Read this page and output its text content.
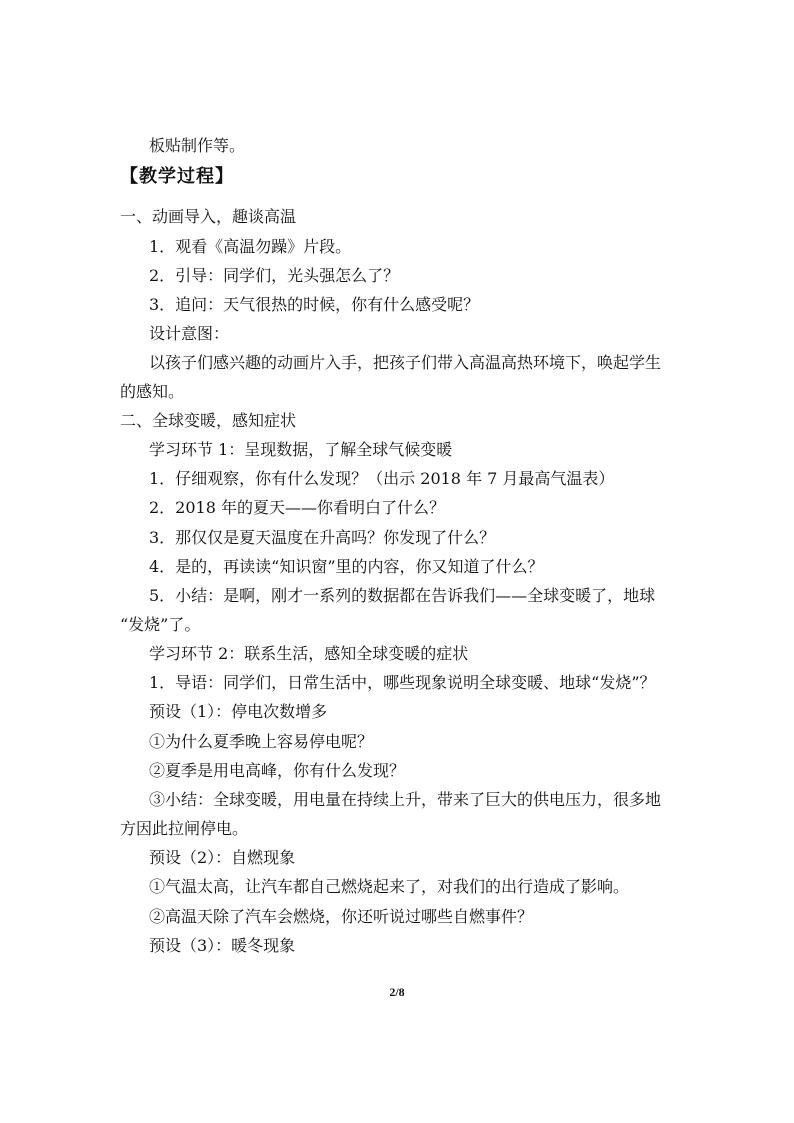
板贴制作等。
【教学过程】
一、动画导入，趣谈高温
1．观看《高温勿躁》片段。
2．引导：同学们，光头强怎么了？
3．追问：天气很热的时候，你有什么感受呢？
设计意图：
以孩子们感兴趣的动画片入手，把孩子们带入高温高热环境下，唤起学生
的感知。
二、全球变暖，感知症状
学习环节 1：呈现数据，了解全球气候变暖
1．仔细观察，你有什么发现？（出示 2018 年 7 月最高气温表）
2．2018 年的夏天——你看明白了什么？
3．那仅仅是夏天温度在升高吗？你发现了什么？
4．是的，再读读“知识窗”里的内容，你又知道了什么？
5．小结：是啊，刚才一系列的数据都在告诉我们——全球变暖了，地球
“发烧”了。
学习环节 2：联系生活，感知全球变暖的症状
1．导语：同学们，日常生活中，哪些现象说明全球变暖、地球“发烧”？
预设（1）：停电次数增多
①为什么夏季晚上容易停电呢？
②夏季是用电高峰，你有什么发现？
③小结：全球变暖，用电量在持续上升，带来了巨大的供电压力，很多地
方因此拉闸停电。
预设（2）：自燃现象
①气温太高，让汽车都自己燃烧起来了，对我们的出行造成了影响。
②高温天除了汽车会燃烧，你还听说过哪些自燃事件？
预设（3）：暖冬现象
2/8
